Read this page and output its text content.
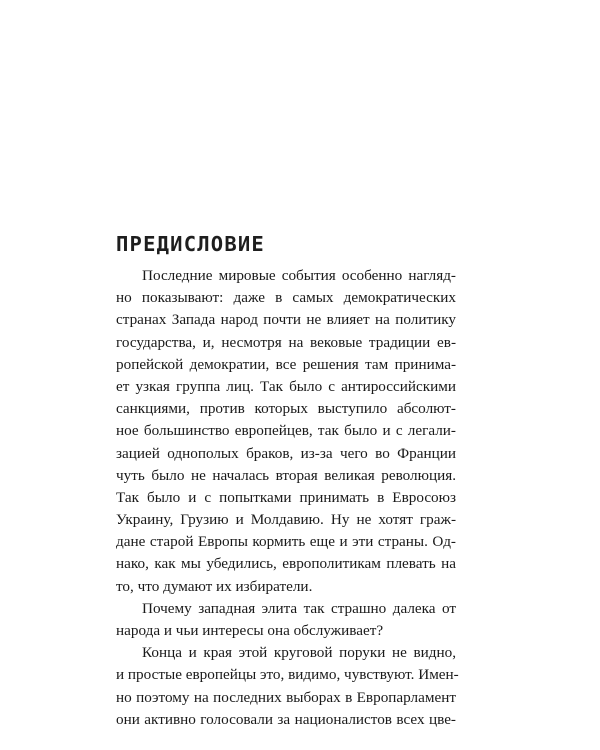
ПРЕДИСЛОВИЕ
Последние мировые события особенно нагляд-
но показывают: даже в самых демократических
странах Запада народ почти не влияет на политику
государства, и, несмотря на вековые традиции ев-
ропейской демократии, все решения там принима-
ет узкая группа лиц. Так было с антироссийскими
санкциями, против которых выступило абсолют-
ное большинство европейцев, так было и с легали-
зацией однополых браков, из-за чего во Франции
чуть было не началась вторая великая революция.
Так было и с попытками принимать в Евросоюз
Украину, Грузию и Молдавию. Ну не хотят граж-
дане старой Европы кормить еще и эти страны. Од-
нако, как мы убедились, европолитикам плевать на
то, что думают их избиратели.
Почему западная элита так страшно далека от
народа и чьи интересы она обслуживает?
Конца и края этой круговой поруки не видно,
и простые европейцы это, видимо, чувствуют. Имен-
но поэтому на последних выборах в Европарламент
они активно голосовали за националистов всех цве-
